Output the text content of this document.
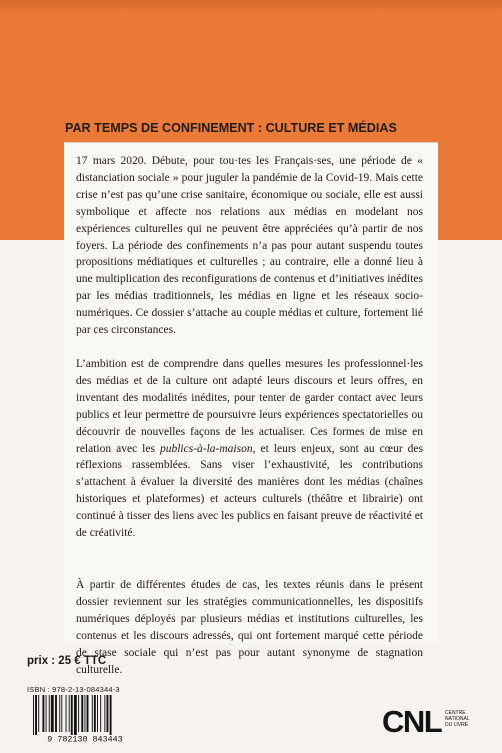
PAR TEMPS DE CONFINEMENT : CULTURE ET MÉDIAS

17 mars 2020. Débute, pour tou·tes les Français·ses, une période de « distanciation sociale » pour juguler la pandémie de la Covid-19. Mais cette crise n’est pas qu’une crise sanitaire, économique ou sociale, elle est aussi symbolique et affecte nos relations aux médias en modelant nos expériences culturelles qui ne peuvent être appréciées qu’à partir de nos foyers. La période des confinements n’a pas pour autant suspendu toutes propositions médiatiques et culturelles ; au contraire, elle a donné lieu à une multiplication des reconfigurations de contenus et d’initiatives inédites par les médias traditionnels, les médias en ligne et les réseaux socio-numériques. Ce dossier s’attache au couple médias et culture, fortement lié par ces circonstances.

L’ambition est de comprendre dans quelles mesures les professionnel·les des médias et de la culture ont adapté leurs discours et leurs offres, en inventant des modalités inédites, pour tenter de garder contact avec leurs publics et leur permettre de poursuivre leurs expériences spectatorielles ou découvrir de nouvelles façons de les actualiser. Ces formes de mise en relation avec les publics-à-la-maison, et leurs enjeux, sont au cœur des réflexions rassemblées. Sans viser l’exhaustivité, les contributions s’attachent à évaluer la diversité des manières dont les médias (chaînes historiques et plateformes) et acteurs culturels (théâtre et librairie) ont continué à tisser des liens avec les publics en faisant preuve de réactivité et de créativité.

À partir de différentes études de cas, les textes réunis dans le présent dossier reviennent sur les stratégies communicationnelles, les dispositifs numériques déployés par plusieurs médias et institutions culturelles, les contenus et les discours adressés, qui ont fortement marqué cette période de stase sociale qui n’est pas pour autant synonyme de stagnation culturelle.

prix : 25 € TTC
ISBN : 978-2-13-084344-3
9 782130 843443
CNL CENTRE
NATIONAL
DU LIVRE
